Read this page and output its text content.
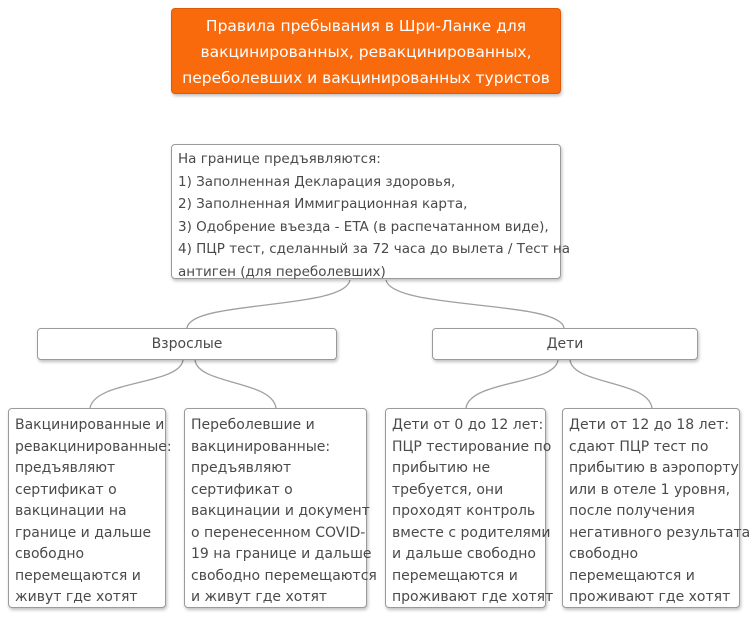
Правила пребывания в Шри-Ланке для
вакцинированных, ревакцинированных,
переболевших и вакцинированных туристов
На границе предъявляются:
1) Заполненная Декларация здоровья,
2) Заполненная Иммиграционная карта,
3) Одобрение въезда - ETA (в распечатанном виде),
4) ПЦР тест, сделанный за 72 часа до вылета / Тест на
антиген (для переболевших)
Взрослые	Дети
Вакцинированные и
ревакцинированные:
предъявляют
сертификат о
вакцинации на
границе и дальше
свободно
перемещаются и
живут где хотят
Переболевшие и
вакцинированные:
предъявляют
сертификат о
вакцинации и документ
о перенесенном COVID-
19 на границе и дальше
свободно перемещаются
и живут где хотят
Дети от 0 до 12 лет:
ПЦР тестирование по
прибытию не
требуется, они
проходят контроль
вместе с родителями
и дальше свободно
перемещаются и
проживают где хотят
Дети от 12 до 18 лет:
сдают ПЦР тест по
прибытию в аэропорту
или в отеле 1 уровня,
после получения
негативного результата
свободно
перемещаются и
проживают где хотят
